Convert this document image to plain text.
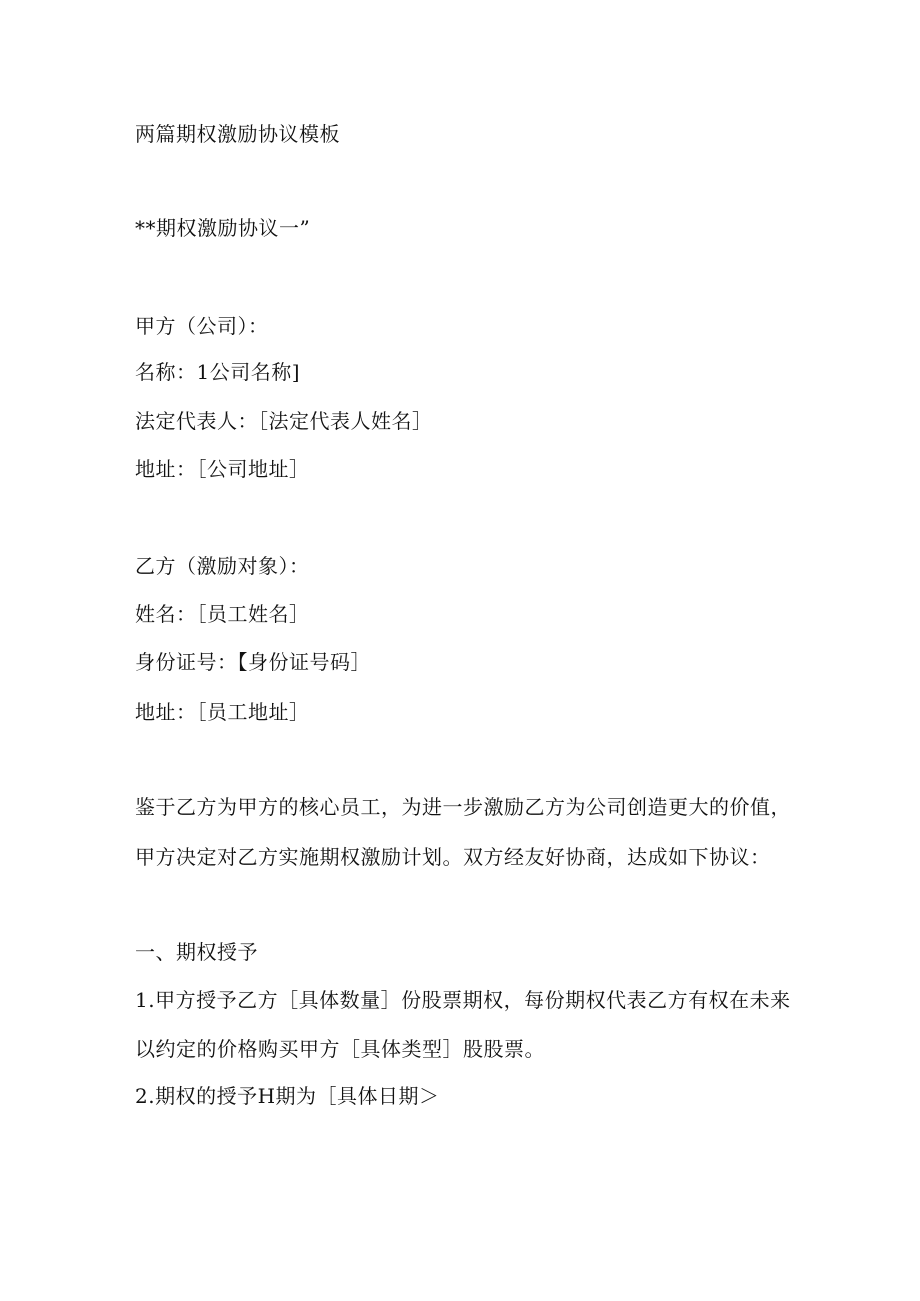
两篇期权激励协议模板
**期权激励协议一”
甲方（公司）：
名称：1公司名称]
法定代表人：［法定代表人姓名］
地址：［公司地址］
乙方（激励对象）：
姓名：［员工姓名］
身份证号：【身份证号码］
地址：［员工地址］
鉴于乙方为甲方的核心员工，为进一步激励乙方为公司创造更大的价值，
甲方决定对乙方实施期权激励计划。双方经友好协商，达成如下协议：
一、期权授予
1.甲方授予乙方［具体数量］份股票期权，每份期权代表乙方有权在未来
以约定的价格购买甲方［具体类型］股股票。
2.期权的授予H期为［具体日期＞
